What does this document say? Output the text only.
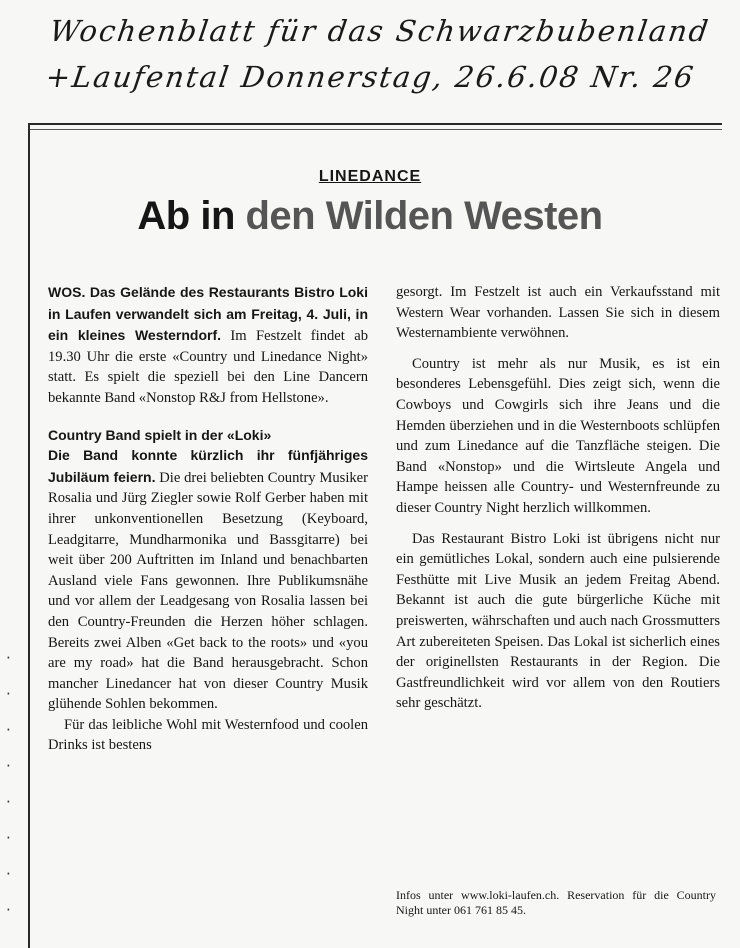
Wochenblatt für das Schwarzbubenland
+Laufental Donnerstag, 26.6.08 Nr. 26
·
·
·
·
·
·
·
·
LINEDANCE
Ab in den Wilden Westen

WOS. Das Gelände des Restaurants Bistro Loki in Laufen verwandelt sich am Freitag, 4. Juli, in ein kleines Westerndorf. Im Festzelt findet ab 19.30 Uhr die erste «Country und Linedance Night» statt. Es spielt die speziell bei den Line Dancern bekannte Band «Nonstop R&J from Hellstone».

Country Band spielt in der «Loki»

Die Band konnte kürzlich ihr fünfjähriges Jubiläum feiern. Die drei beliebten Country Musiker Rosalia und Jürg Ziegler sowie Rolf Gerber haben mit ihrer unkonventionellen Besetzung (Keyboard, Leadgitarre, Mundharmonika und Bassgitarre) bei weit über 200 Auftritten im Inland und benachbarten Ausland viele Fans gewonnen. Ihre Publikumsnähe und vor allem der Leadgesang von Rosalia lassen bei den Country-Freunden die Herzen höher schlagen. Bereits zwei Alben «Get back to the roots» und «you are my road» hat die Band herausgebracht. Schon mancher Linedancer hat von dieser Country Musik glühende Sohlen bekommen.

Für das leibliche Wohl mit Westernfood und coolen Drinks ist bestens

gesorgt. Im Festzelt ist auch ein Verkaufsstand mit Western Wear vorhanden. Lassen Sie sich in diesem Westernambiente verwöhnen.

Country ist mehr als nur Musik, es ist ein besonderes Lebensgefühl. Dies zeigt sich, wenn die Cowboys und Cowgirls sich ihre Jeans und die Hemden überziehen und in die Westernboots schlüpfen und zum Linedance auf die Tanzfläche steigen. Die Band «Nonstop» und die Wirtsleute Angela und Hampe heissen alle Country- und Westernfreunde zu dieser Country Night herzlich willkommen.

Das Restaurant Bistro Loki ist übrigens nicht nur ein gemütliches Lokal, sondern auch eine pulsierende Festhütte mit Live Musik an jedem Freitag Abend. Bekannt ist auch die gute bürgerliche Küche mit preiswerten, währschaften und auch nach Grossmutters Art zubereiteten Speisen. Das Lokal ist sicherlich eines der originellsten Restaurants in der Region. Die Gastfreundlichkeit wird vor allem von den Routiers sehr geschätzt.

Infos unter www.loki-laufen.ch. Reservation für die Country Night unter 061 761 85 45.
